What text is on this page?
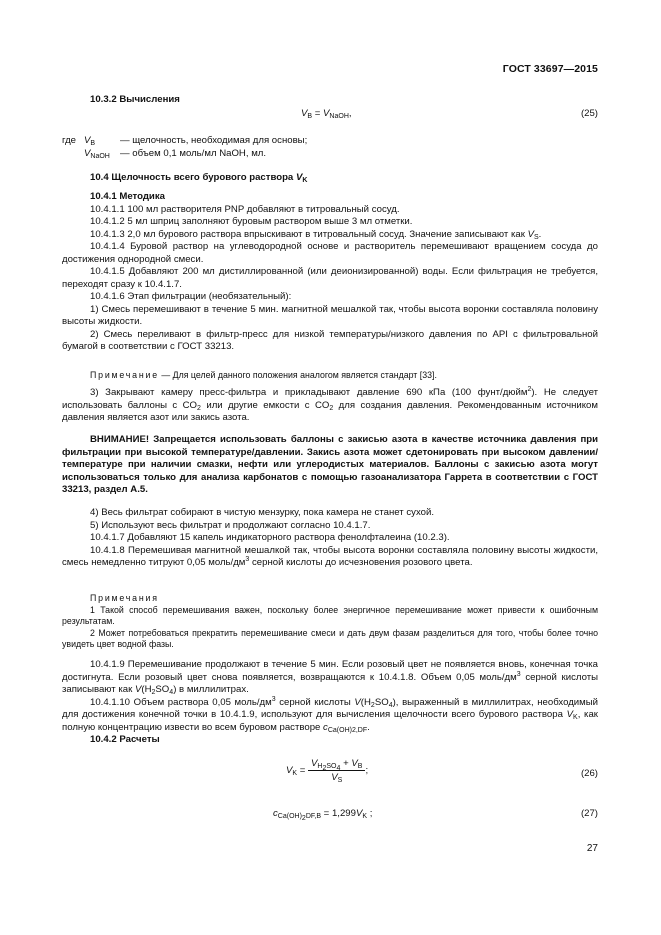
ГОСТ 33697—2015

10.3.2 Вычисления

$V_B = V_{NaOH}$,	(25)
где	$V_B$	— щелочность, необходимая для основы;
	$V_{NaOH}$	— объем 0,1 моль/мл NaOH, мл.

10.4 Щелочность всего бурового раствора $V_K$

10.4.1 Методика

10.4.1.1 100 мл растворителя PNP добавляют в титровальный сосуд.

10.4.1.2 5 мл шприц заполняют буровым раствором выше 3 мл отметки.

10.4.1.3 2,0 мл бурового раствора впрыскивают в титровальный сосуд. Значение записывают как $V_S$.

10.4.1.4 Буровой раствор на углеводородной основе и растворитель перемешивают вращением сосуда до достижения однородной смеси.

10.4.1.5 Добавляют 200 мл дистиллированной (или деионизированной) воды. Если фильтрация не требуется, переходят сразу к 10.4.1.7.

10.4.1.6 Этап фильтрации (необязательный):

1) Смесь перемешивают в течение 5 мин. магнитной мешалкой так, чтобы высота воронки составляла половину высоты жидкости.

2) Смесь переливают в фильтр-пресс для низкой температуры/низкого давления по API с фильтровальной бумагой в соответствии с ГОСТ 33213.

Примечание — Для целей данного положения аналогом является стандарт [33].

3) Закрывают камеру пресс-фильтра и прикладывают давление 690 кПа (100 фунт/дюйм$^2$). Не следует использовать баллоны с $CO_2$ или другие емкости с $CO_2$ для создания давления. Рекомендованным источником давления является азот или закись азота.

ВНИМАНИЕ! Запрещается использовать баллоны с закисью азота в качестве источника давления при фильтрации при высокой температуре/давлении. Закись азота может сдетонировать при высоком давлении/температуре при наличии смазки, нефти или углеродистых материалов. Баллоны с закисью азота могут использоваться только для анализа карбонатов с помощью газоанализатора Гаррета в соответствии с ГОСТ 33213, раздел А.5.

4) Весь фильтрат собирают в чистую мензурку, пока камера не станет сухой.

5) Используют весь фильтрат и продолжают согласно 10.4.1.7.

10.4.1.7 Добавляют 15 капель индикаторного раствора фенолфталеина (10.2.3).

10.4.1.8 Перемешивая магнитной мешалкой так, чтобы высота воронки составляла половину высоты жидкости, смесь немедленно титруют 0,05 моль/$дм^3$ серной кислоты до исчезновения розового цвета.

Примечания

1 Такой способ перемешивания важен, поскольку более энергичное перемешивание может привести к ошибочным результатам.

2 Может потребоваться прекратить перемешивание смеси и дать двум фазам разделиться для того, чтобы более точно увидеть цвет водной фазы.

10.4.1.9 Перемешивание продолжают в течение 5 мин. Если розовый цвет не появляется вновь, конечная точка достигнута. Если розовый цвет снова появляется, возвращаются к 10.4.1.8. Объем 0,05 моль/$дм^3$ серной кислоты записывают как $V(H_2SO_4)$ в миллилитрах.

10.4.1.10 Объем раствора 0,05 моль/$дм^3$ серной кислоты $V(H_2SO_4)$, выраженный в миллилитрах, необходимый для достижения конечной точки в 10.4.1.9, используют для вычисления щелочности всего бурового раствора $V_K$, как полную концентрацию извести во всем буровом растворе $c_{Ca(OH)2,DF}$.

10.4.2 Расчеты

$V_K = \frac{V_{H_2SO_4} + V_B}{V_S}$ ;	(26)
$c_{Ca(OH)_2DF,B} = 1,299V_K$ ;	(27)
27
